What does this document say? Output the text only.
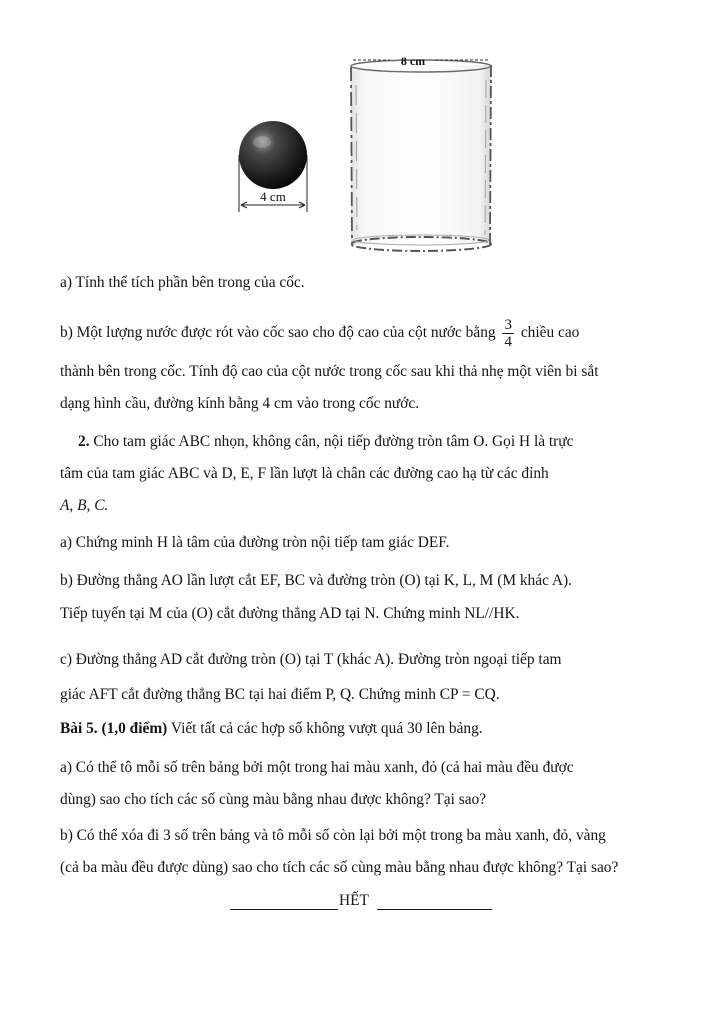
4 cm
8 cm
a) Tính thể tích phần bên trong của cốc.
b) Một lượng nước được rót vào cốc sao cho độ cao của cột nước bằng $\frac{3}{4}$ chiều cao
thành bên trong cốc. Tính độ cao của cột nước trong cốc sau khi thả nhẹ một viên bi sắt
dạng hình cầu, đường kính bằng 4 cm vào trong cốc nước.
2. Cho tam giác ABC nhọn, không cân, nội tiếp đường tròn tâm O. Gọi H là trực
tâm của tam giác ABC và D, E, F lần lượt là chân các đường cao hạ từ các đỉnh
A, B, C.
a) Chứng minh H là tâm của đường tròn nội tiếp tam giác DEF.
b) Đường thẳng AO lần lượt cắt EF, BC và đường tròn (O) tại K, L, M (M khác A).
Tiếp tuyến tại M của (O) cắt đường thẳng AD tại N. Chứng minh NL//HK.
c) Đường thẳng AD cắt đường tròn (O) tại T (khác A). Đường tròn ngoại tiếp tam
giác AFT cắt đường thẳng BC tại hai điểm P, Q. Chứng minh CP = CQ.
Bài 5. (1,0 điểm) Viết tất cả các hợp số không vượt quá 30 lên bảng.
a) Có thể tô mỗi số trên bảng bởi một trong hai màu xanh, đỏ (cả hai màu đều được
dùng) sao cho tích các số cùng màu bằng nhau được không? Tại sao?
b) Có thể xóa đi 3 số trên bảng và tô mỗi số còn lại bởi một trong ba màu xanh, đỏ, vàng
(cả ba màu đều được dùng) sao cho tích các số cùng màu bằng nhau được không? Tại sao?
HẾT
